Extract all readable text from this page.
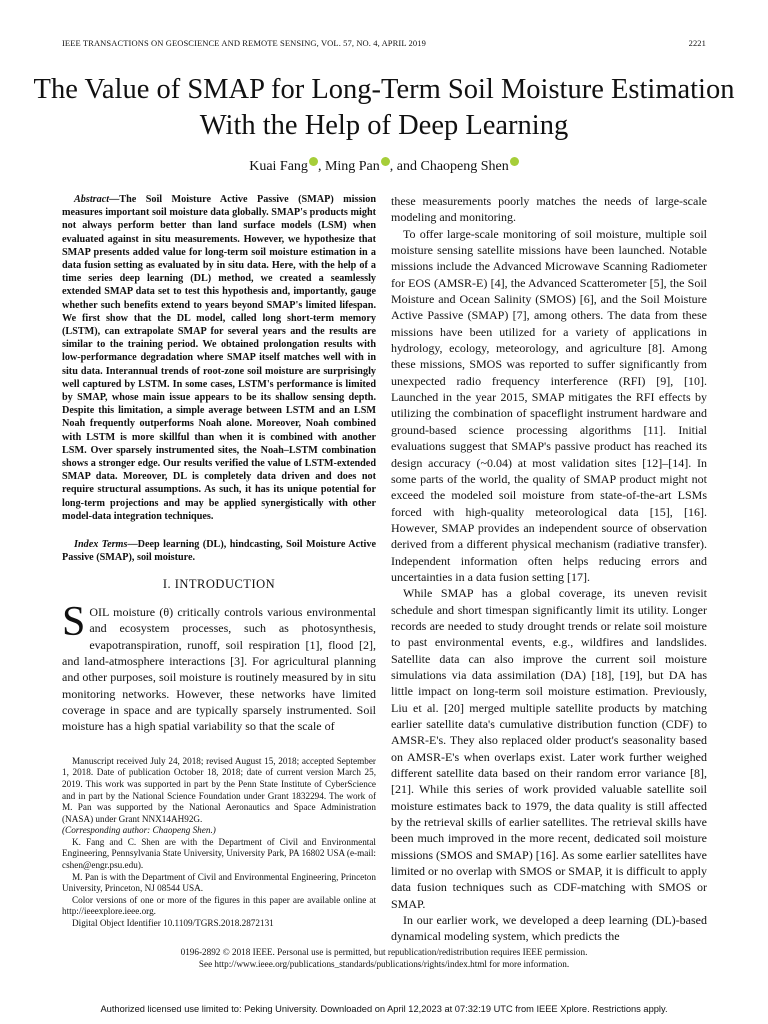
IEEE TRANSACTIONS ON GEOSCIENCE AND REMOTE SENSING, VOL. 57, NO. 4, APRIL 2019	2221
The Value of SMAP for Long-Term Soil Moisture Estimation With the Help of Deep Learning
Kuai Fang , Ming Pan , and Chaopeng Shen

Abstract—The Soil Moisture Active Passive (SMAP) mission measures important soil moisture data globally. SMAP's products might not always perform better than land surface models (LSM) when evaluated against in situ measurements. However, we hypothesize that SMAP presents added value for long-term soil moisture estimation in a data fusion setting as evaluated by in situ data. Here, with the help of a time series deep learning (DL) method, we created a seamlessly extended SMAP data set to test this hypothesis and, importantly, gauge whether such benefits extend to years beyond SMAP's limited lifespan. We first show that the DL model, called long short-term memory (LSTM), can extrapolate SMAP for several years and the results are similar to the training period. We obtained prolongation results with low-performance degradation where SMAP itself matches well with in situ data. Interannual trends of root-zone soil moisture are surprisingly well captured by LSTM. In some cases, LSTM's performance is limited by SMAP, whose main issue appears to be its shallow sensing depth. Despite this limitation, a simple average between LSTM and an LSM Noah frequently outperforms Noah alone. Moreover, Noah combined with LSTM is more skillful than when it is combined with another LSM. Over sparsely instrumented sites, the Noah–LSTM combination shows a stronger edge. Our results verified the value of LSTM-extended SMAP data. Moreover, DL is completely data driven and does not require structural assumptions. As such, it has its unique potential for long-term projections and may be applied synergistically with other model-data integration techniques.

Index Terms—Deep learning (DL), hindcasting, Soil Moisture Active Passive (SMAP), soil moisture.

I. INTRODUCTION

SOIL moisture (θ) critically controls various environmental and ecosystem processes, such as photosynthesis, evapotranspiration, runoff, soil respiration [1], flood [2], and land-atmosphere interactions [3]. For agricultural planning and other purposes, soil moisture is routinely measured by in situ monitoring networks. However, these networks have limited coverage in space and are typically sparsely instrumented. Soil moisture has a high spatial variability so that the scale of

Manuscript received July 24, 2018; revised August 15, 2018; accepted September 1, 2018. Date of publication October 18, 2018; date of current version March 25, 2019. This work was supported in part by the Penn State Institute of CyberScience and in part by the National Science Foundation under Grant 1832294. The work of M. Pan was supported by the National Aeronautics and Space Administration (NASA) under Grant NNX14AH92G.

(Corresponding author: Chaopeng Shen.)

K. Fang and C. Shen are with the Department of Civil and Environmental Engineering, Pennsylvania State University, University Park, PA 16802 USA (e-mail: cshen@engr.psu.edu).

M. Pan is with the Department of Civil and Environmental Engineering, Princeton University, Princeton, NJ 08544 USA.

Color versions of one or more of the figures in this paper are available online at http://ieeexplore.ieee.org.

Digital Object Identifier 10.1109/TGRS.2018.2872131

these measurements poorly matches the needs of large-scale modeling and monitoring.

To offer large-scale monitoring of soil moisture, multiple soil moisture sensing satellite missions have been launched. Notable missions include the Advanced Microwave Scanning Radiometer for EOS (AMSR-E) [4], the Advanced Scatterometer [5], the Soil Moisture and Ocean Salinity (SMOS) [6], and the Soil Moisture Active Passive (SMAP) [7], among others. The data from these missions have been utilized for a variety of applications in hydrology, ecology, meteorology, and agriculture [8]. Among these missions, SMOS was reported to suffer significantly from unexpected radio frequency interference (RFI) [9], [10]. Launched in the year 2015, SMAP mitigates the RFI effects by utilizing the combination of spaceflight instrument hardware and ground-based science processing algorithms [11]. Initial evaluations suggest that SMAP's passive product has reached its design accuracy (~0.04) at most validation sites [12]–[14]. In some parts of the world, the quality of SMAP product might not exceed the modeled soil moisture from state-of-the-art LSMs forced with high-quality meteorological data [15], [16]. However, SMAP provides an independent source of observation derived from a different physical mechanism (radiative transfer). Independent information often helps reducing errors and uncertainties in a data fusion setting [17].

While SMAP has a global coverage, its uneven revisit schedule and short timespan significantly limit its utility. Longer records are needed to study drought trends or relate soil moisture to past environmental events, e.g., wildfires and landslides. Satellite data can also improve the current soil moisture simulations via data assimilation (DA) [18], [19], but DA has little impact on long-term soil moisture estimation. Previously, Liu et al. [20] merged multiple satellite products by matching earlier satellite data's cumulative distribution function (CDF) to AMSR-E's. They also replaced older product's seasonality based on AMSR-E's when overlaps exist. Later work further weighed different satellite data based on their random error variance [8], [21]. While this series of work provided valuable satellite soil moisture estimates back to 1979, the data quality is still affected by the retrieval skills of earlier satellites. The retrieval skills have been much improved in the more recent, dedicated soil moisture missions (SMOS and SMAP) [16]. As some earlier satellites have limited or no overlap with SMOS or SMAP, it is difficult to apply data fusion techniques such as CDF-matching with SMOS or SMAP.

In our earlier work, we developed a deep learning (DL)-based dynamical modeling system, which predicts the

0196-2892 © 2018 IEEE. Personal use is permitted, but republication/redistribution requires IEEE permission.
See http://www.ieee.org/publications_standards/publications/rights/index.html for more information.
Authorized licensed use limited to: Peking University. Downloaded on April 12,2023 at 07:32:19 UTC from IEEE Xplore. Restrictions apply.
